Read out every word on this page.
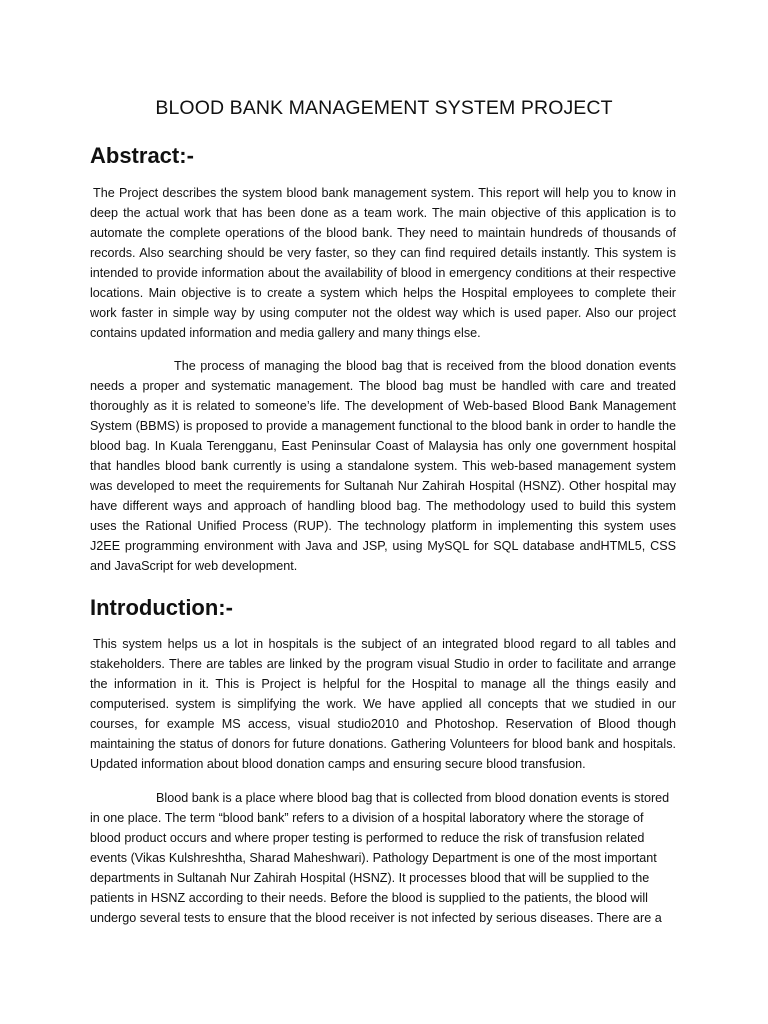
BLOOD BANK MANAGEMENT SYSTEM PROJECT
Abstract:-

The Project describes the system blood bank management system. This report will help you to know in deep the actual work that has been done as a team work. The main objective of this application is to automate the complete operations of the blood bank. They need to maintain hundreds of thousands of records. Also searching should be very faster, so they can find required details instantly. This system is intended to provide information about the availability of blood in emergency conditions at their respective locations. Main objective is to create a system which helps the Hospital employees to complete their work faster in simple way by using computer not the oldest way which is used paper. Also our project contains updated information and media gallery and many things else.

The process of managing the blood bag that is received from the blood donation events needs a proper and systematic management. The blood bag must be handled with care and treated thoroughly as it is related to someone’s life. The development of Web-based Blood Bank Management System (BBMS) is proposed to provide a management functional to the blood bank in order to handle the blood bag. In Kuala Terengganu, East Peninsular Coast of Malaysia has only one government hospital that handles blood bank currently is using a standalone system. This web-based management system was developed to meet the requirements for Sultanah Nur Zahirah Hospital (HSNZ). Other hospital may have different ways and approach of handling blood bag. The methodology used to build this system uses the Rational Unified Process (RUP). The technology platform in implementing this system uses J2EE programming environment with Java and JSP, using MySQL for SQL database andHTML5, CSS and JavaScript for web development.

Introduction:-

This system helps us a lot in hospitals is the subject of an integrated blood regard to all tables and stakeholders. There are tables are linked by the program visual Studio in order to facilitate and arrange the information in it. This is Project is helpful for the Hospital to manage all the things easily and computerised. system is simplifying the work. We have applied all concepts that we studied in our courses, for example MS access, visual studio2010 and Photoshop. Reservation of Blood though maintaining the status of donors for future donations. Gathering Volunteers for blood bank and hospitals. Updated information about blood donation camps and ensuring secure blood transfusion.

Blood bank is a place where blood bag that is collected from blood donation events is stored in one place. The term “blood bank” refers to a division of a hospital laboratory where the storage of blood product occurs and where proper testing is performed to reduce the risk of transfusion related events (Vikas Kulshreshtha, Sharad Maheshwari). Pathology Department is one of the most important departments in Sultanah Nur Zahirah Hospital (HSNZ). It processes blood that will be supplied to the patients in HSNZ according to their needs. Before the blood is supplied to the patients, the blood will undergo several tests to ensure that the blood receiver is not infected by serious diseases. There are a
